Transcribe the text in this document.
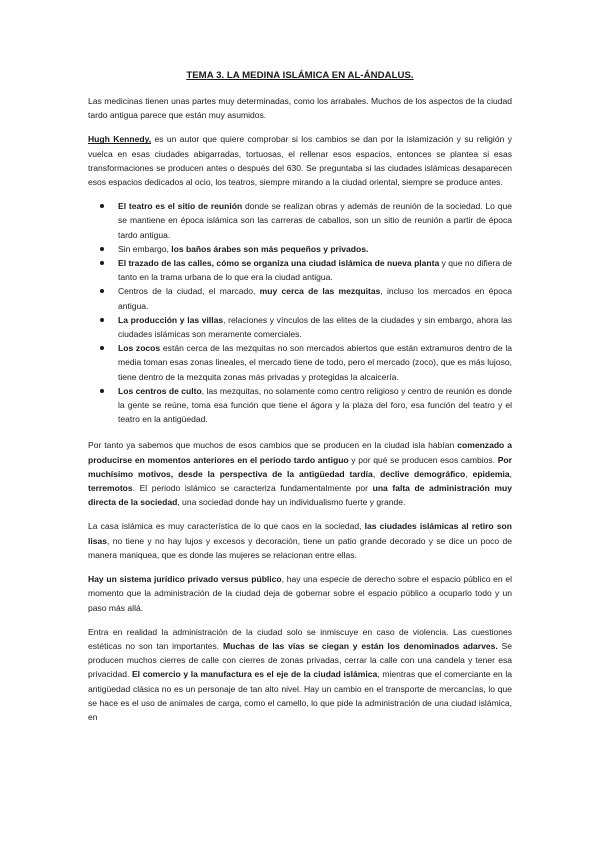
TEMA 3. LA MEDINA ISLÁMICA EN AL-ÁNDALUS.

Las medicinas tienen unas partes muy determinadas, como los arrabales. Muchos de los aspectos de la ciudad tardo antigua parece que están muy asumidos.

Hugh Kennedy, es un autor que quiere comprobar si los cambios se dan por la islamización y su religión y vuelca en esas ciudades abigarradas, tortuosas, el rellenar esos espacios, entonces se plantea si esas transformaciones se producen antes o después del 630. Se preguntaba si las ciudades islámicas desaparecen esos espacios dedicados al ocio, los teatros, siempre mirando a la ciudad oriental, siempre se produce antes.

El teatro es el sitio de reunión donde se realizan obras y además de reunión de la sociedad. Lo que se mantiene en época islámica son las carreras de caballos, son un sitio de reunión a partir de época tardo antigua.
Sin embargo, los baños árabes son más pequeños y privados.
El trazado de las calles, cómo se organiza una ciudad islámica de nueva planta y que no difiera de tanto en la trama urbana de lo que era la ciudad antigua.
Centros de la ciudad, el marcado, muy cerca de las mezquitas, incluso los mercados en época antigua.
La producción y las villas, relaciones y vínculos de las elites de la ciudades y sin embargo, ahora las ciudades islámicas son meramente comerciales.
Los zocos están cerca de las mezquitas no son mercados abiertos que están extramuros dentro de la media toman esas zonas lineales, el mercado tiene de todo, pero el mercado (zoco), que es más lujoso, tiene dentro de la mezquita zonas más privadas y protegidas la alcaicería.
Los centros de culto, las mezquitas, no solamente como centro religioso y centro de reunión es donde la gente se reúne, toma esa función que tiene el ágora y la plaza del foro, esa función del teatro y el teatro en la antigüedad.

Por tanto ya sabemos que muchos de esos cambios que se producen en la ciudad isla habían comenzado a producirse en momentos anteriores en el período tardo antiguo y por qué se producen esos cambios. Por muchísimo motivos, desde la perspectiva de la antigüedad tardía, declive demográfico, epidemia, terremotos. El periodo islámico se caracteriza fundamentalmente por una falta de administración muy directa de la sociedad, una sociedad donde hay un individualismo fuerte y grande.

La casa islámica es muy característica de lo que caos en la sociedad, las ciudades islámicas al retiro son lisas, no tiene y no hay lujos y excesos y decoración, tiene un patio grande decorado y se dice un poco de manera maniquea, que es donde las mujeres se relacionan entre ellas.

Hay un sistema jurídico privado versus público, hay una especie de derecho sobre el espacio público en el momento que la administración de la ciudad deja de gobernar sobre el espacio público a ocuparlo todo y un paso más allá.

Entra en realidad la administración de la ciudad solo se inmiscuye en caso de violencia. Las cuestiones estéticas no son tan importantes. Muchas de las vías se ciegan y están los denominados adarves. Se producen muchos cierres de calle con cierres de zonas privadas, cerrar la calle con una candela y tener esa privacidad. El comercio y la manufactura es el eje de la ciudad islámica, mientras que el comerciante en la antigüedad clásica no es un personaje de tan alto nivel. Hay un cambio en el transporte de mercancías, lo que se hace es el uso de animales de carga, como el camello, lo que pide la administración de una ciudad islámica, en
